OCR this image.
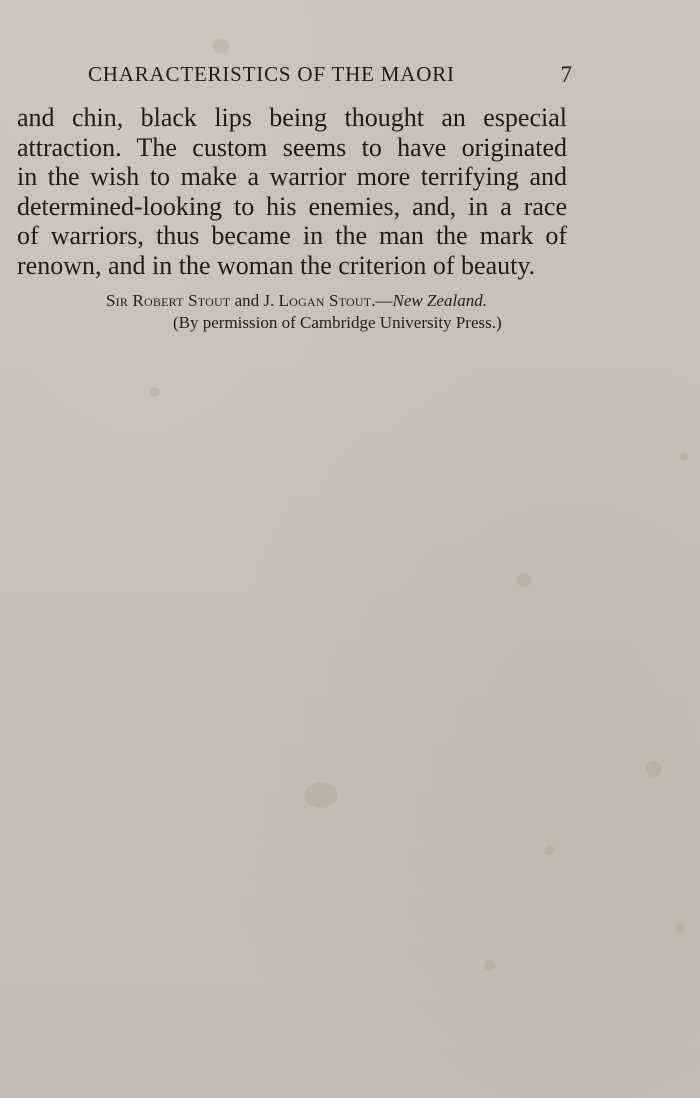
CHARACTERISTICS OF THE MAORI	7
and chin, black lips being thought an especial
attraction. The custom seems to have originated
in the wish to make a warrior more terrifying and
determined-looking to his enemies, and, in a race
of warriors, thus became in the man the mark of
renown, and in the woman the criterion of beauty.
Sir Robert Stout and J. Logan Stout.—New Zealand.
(By permission of Cambridge University Press.)
